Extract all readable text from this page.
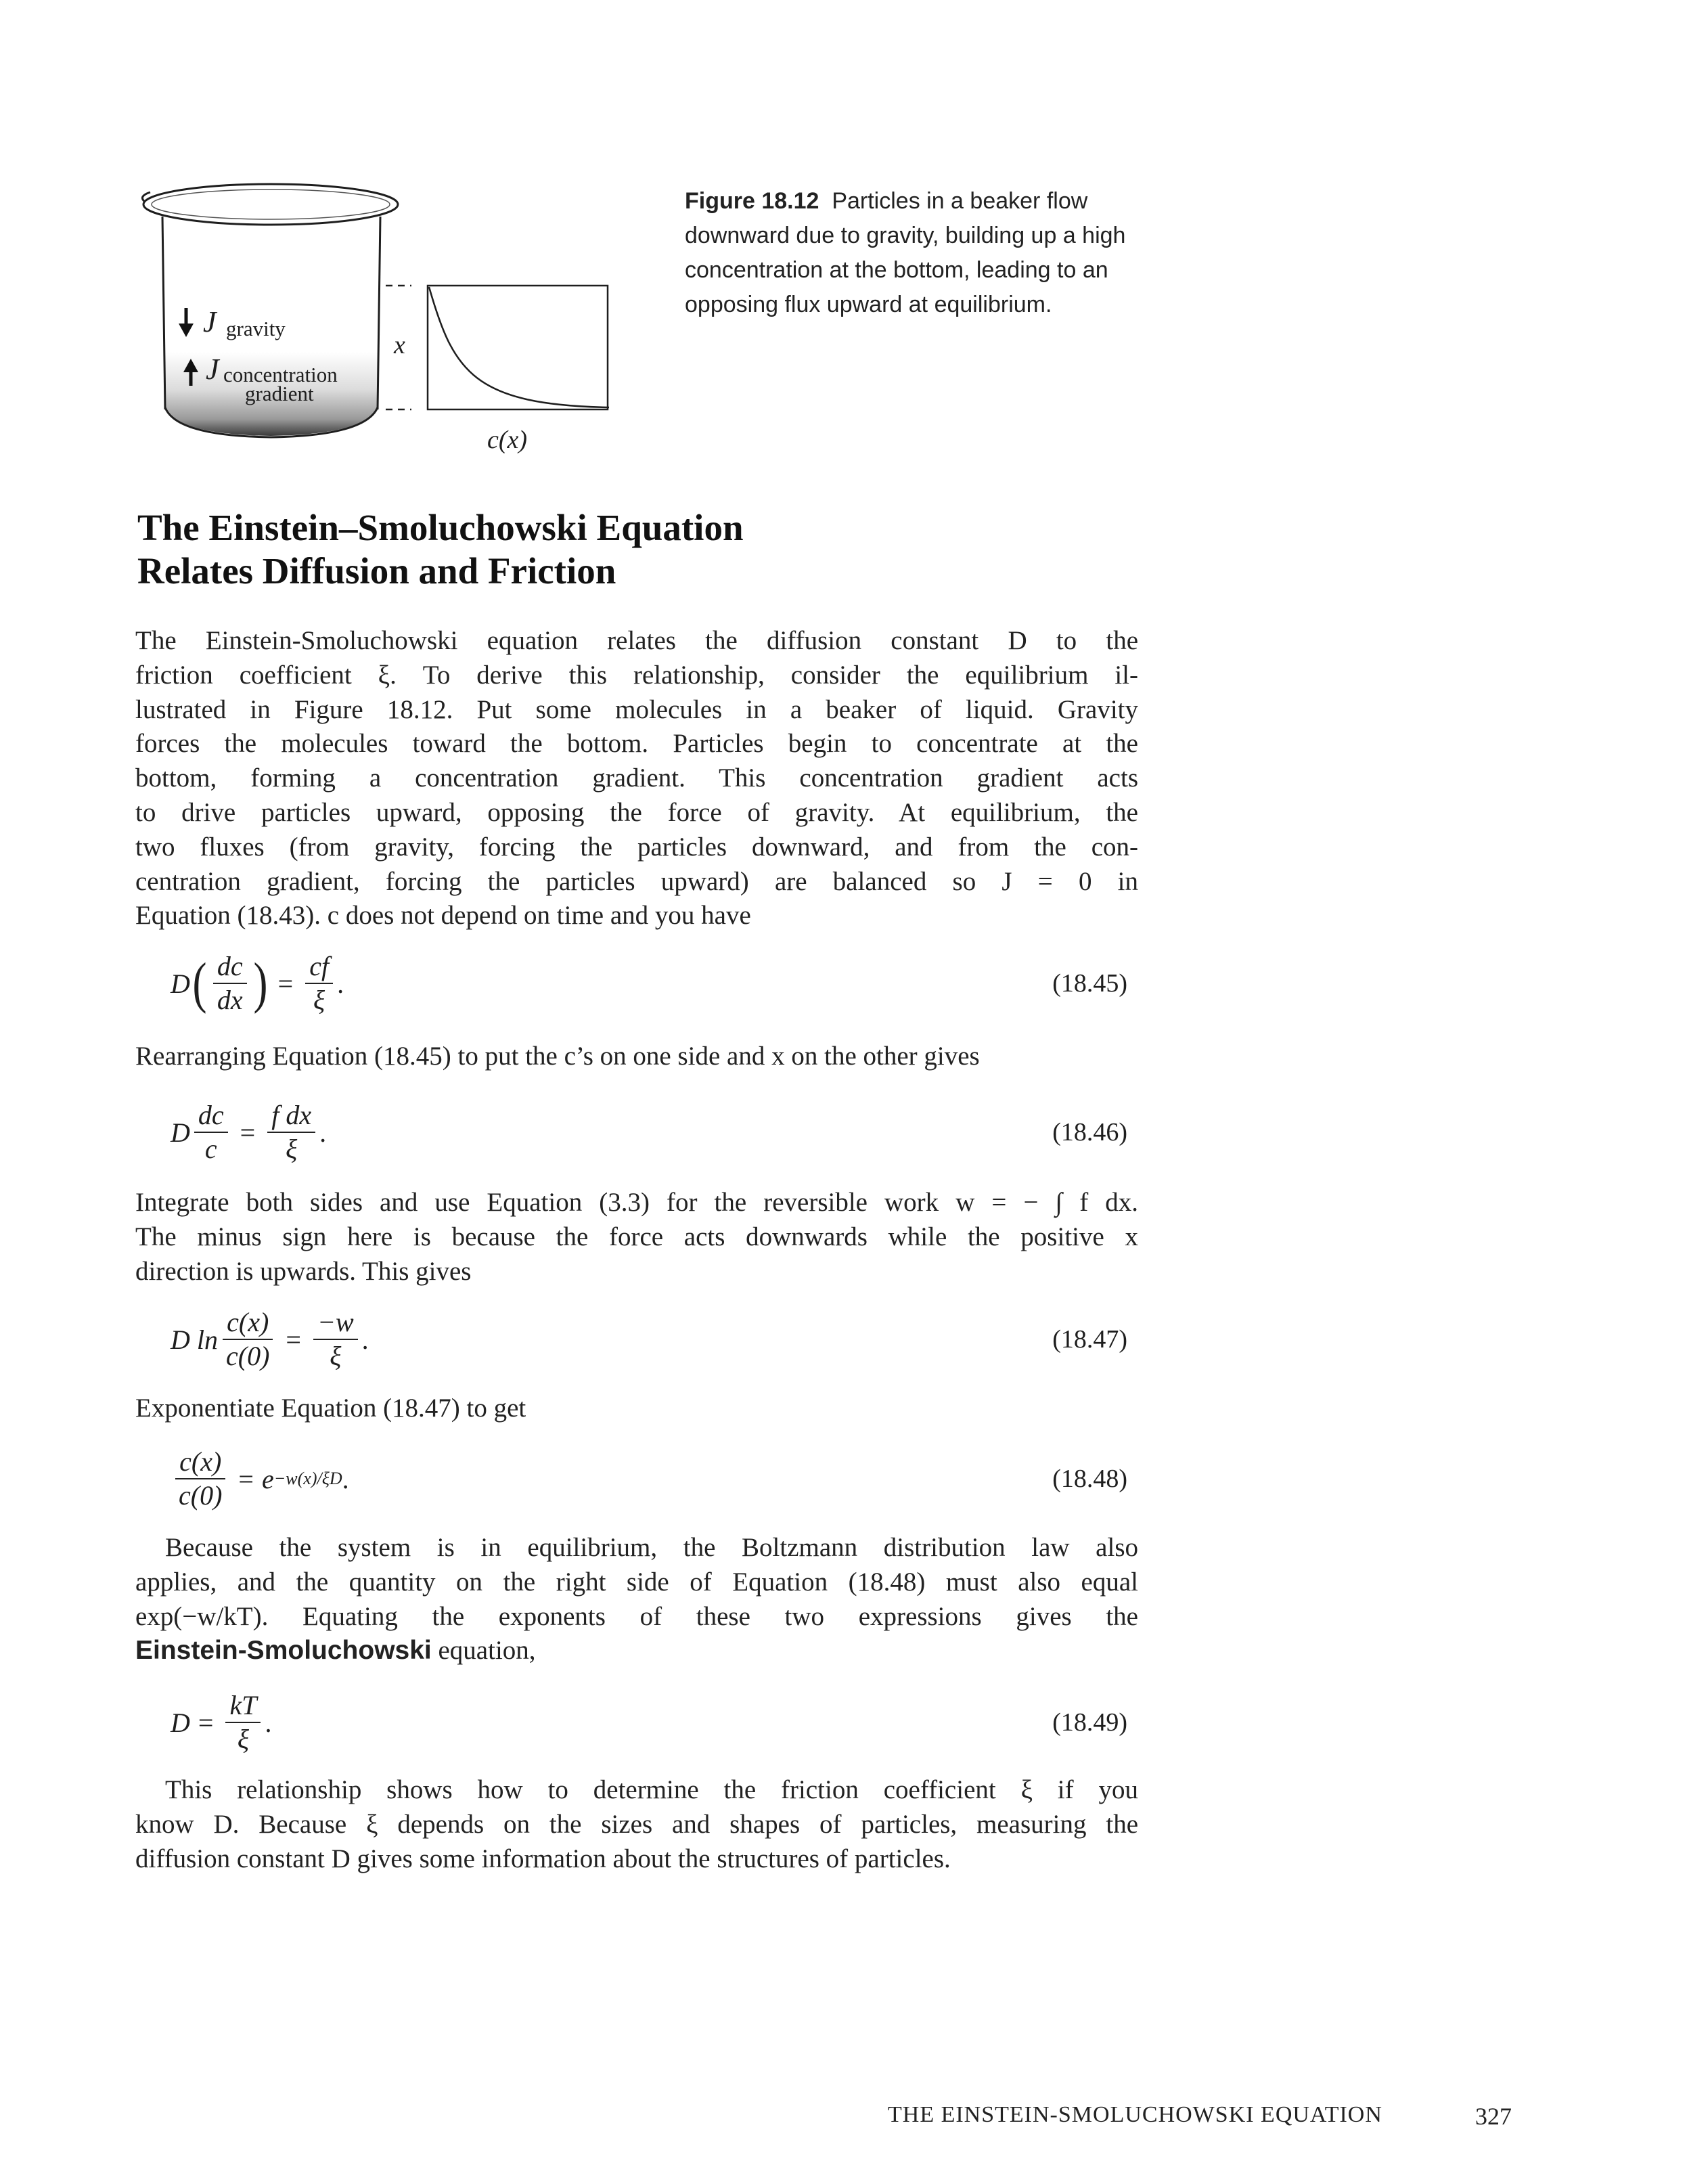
J gravity
J concentration
gradient
x
c(x)
Figure 18.12 Particles in a beaker flow downward due to gravity, building up a high concentration at the bottom, leading to an opposing flux upward at equilibrium.
The Einstein–Smoluchowski Equation
Relates Diffusion and Friction
The Einstein-Smoluchowski equation relates the diffusion constant D to the
friction coefficient ξ. To derive this relationship, consider the equilibrium il-
lustrated in Figure 18.12. Put some molecules in a beaker of liquid. Gravity
forces the molecules toward the bottom. Particles begin to concentrate at the
bottom, forming a concentration gradient. This concentration gradient acts
to drive particles upward, opposing the force of gravity. At equilibrium, the
two fluxes (from gravity, forcing the particles downward, and from the con-
centration gradient, forcing the particles upward) are balanced so J = 0 in
Equation (18.43). c does not depend on time and you have
D ( $\frac{dc}{dx}$ ) = $\frac{cf}{\xi}$ .	(18.45)
Rearranging Equation (18.45) to put the c’s on one side and x on the other gives
D $\frac{dc}{c} = \frac{\text{f dx}}{\xi}$ .	(18.46)
Integrate both sides and use Equation (3.3) for the reversible work w = − ∫ f dx.
The minus sign here is because the force acts downwards while the positive x
direction is upwards. This gives
D $\ln \frac{c(x)}{c(0)} = \frac{-w}{\xi}$ .	(18.47)
Exponentiate Equation (18.47) to get
$\frac{c(x)}{c(0)} = e -w(x)/\xi D$ .	(18.48)
Because the system is in equilibrium, the Boltzmann distribution law also
applies, and the quantity on the right side of Equation (18.48) must also equal
exp(−w/kT). Equating the exponents of these two expressions gives the
Einstein-Smoluchowski equation,
$D = \frac{kT}{\xi}$ .	(18.49)
This relationship shows how to determine the friction coefficient ξ if you
know D. Because ξ depends on the sizes and shapes of particles, measuring the
diffusion constant D gives some information about the structures of particles.
THE EINSTEIN-SMOLUCHOWSKI EQUATION	327
